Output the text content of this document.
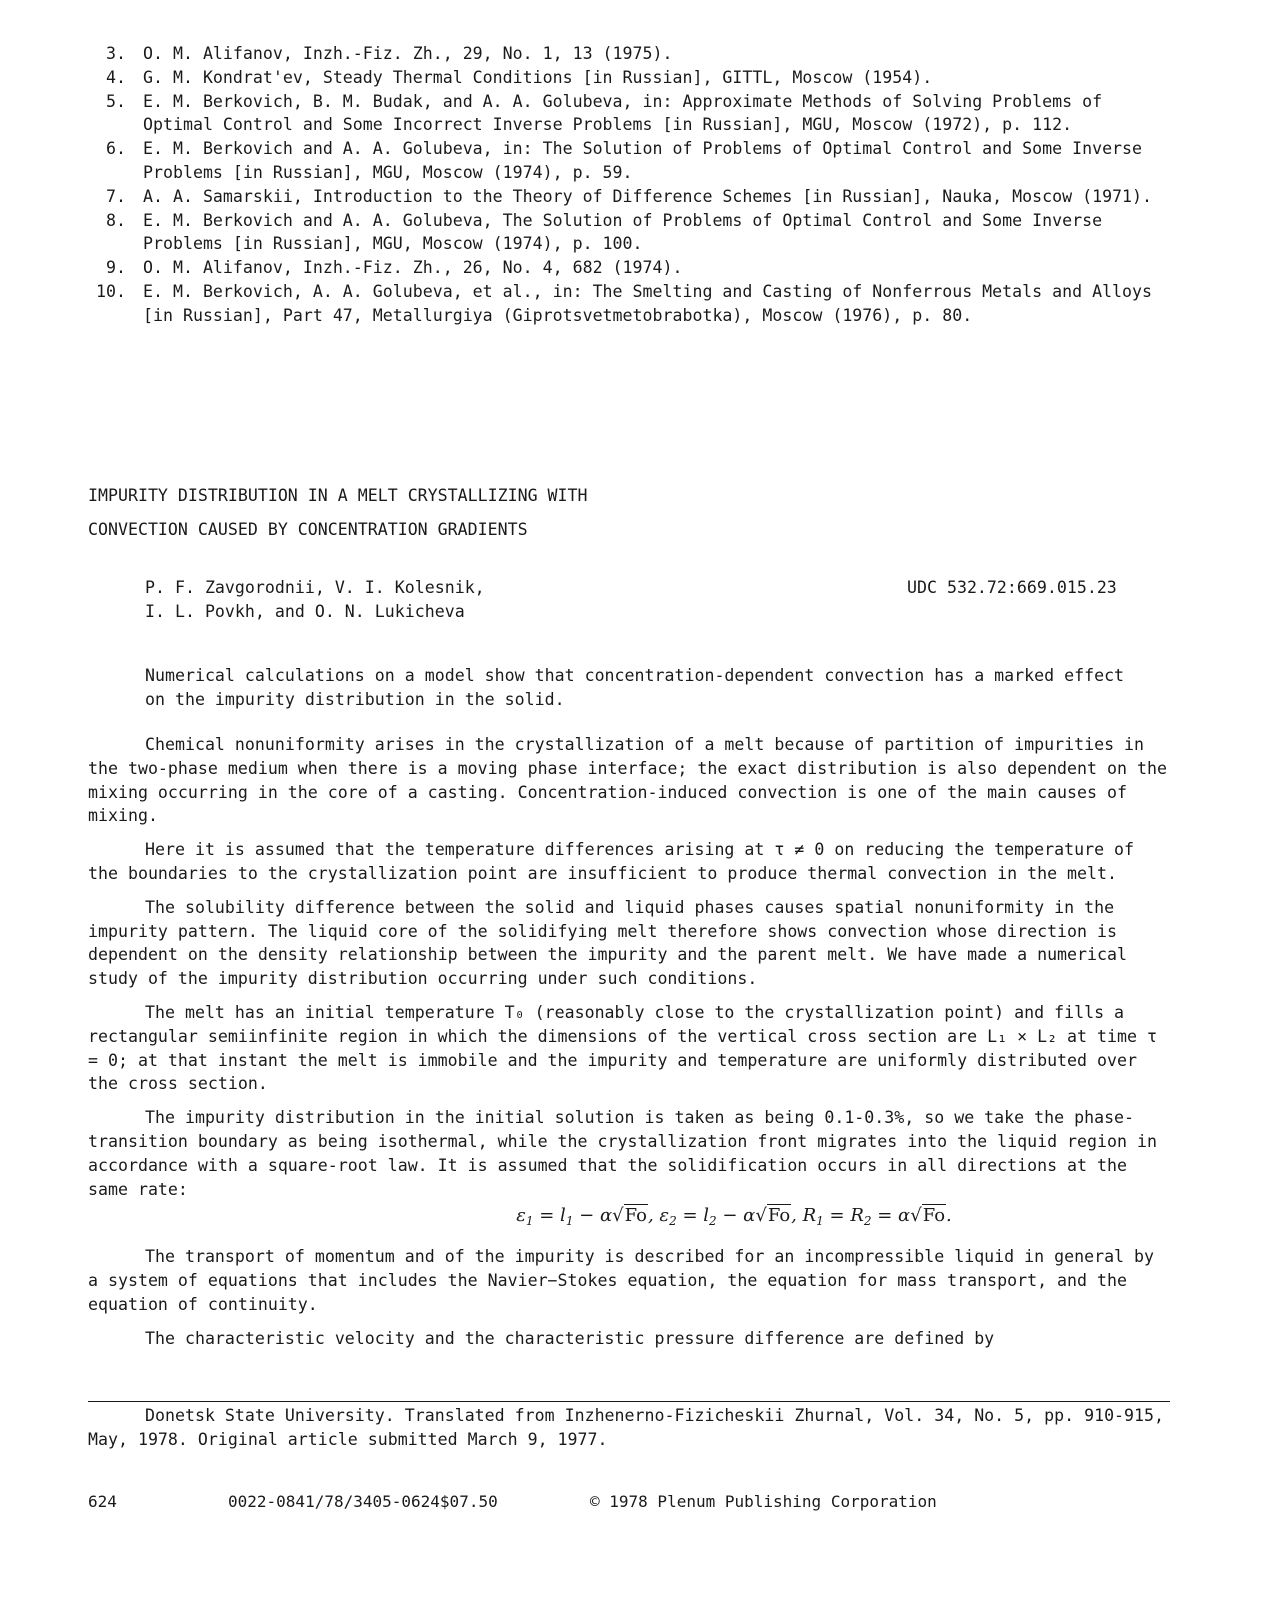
3. O. M. Alifanov, Inzh.-Fiz. Zh., 29, No. 1, 13 (1975).
4. G. M. Kondrat'ev, Steady Thermal Conditions [in Russian], GITTL, Moscow (1954).
5. E. M. Berkovich, B. M. Budak, and A. A. Golubeva, in: Approximate Methods of Solving Problems of Optimal Control and Some Incorrect Inverse Problems [in Russian], MGU, Moscow (1972), p. 112.
6. E. M. Berkovich and A. A. Golubeva, in: The Solution of Problems of Optimal Control and Some Inverse Problems [in Russian], MGU, Moscow (1974), p. 59.
7. A. A. Samarskii, Introduction to the Theory of Difference Schemes [in Russian], Nauka, Moscow (1971).
8. E. M. Berkovich and A. A. Golubeva, The Solution of Problems of Optimal Control and Some Inverse Problems [in Russian], MGU, Moscow (1974), p. 100.
9. O. M. Alifanov, Inzh.-Fiz. Zh., 26, No. 4, 682 (1974).
10. E. M. Berkovich, A. A. Golubeva, et al., in: The Smelting and Casting of Nonferrous Metals and Alloys [in Russian], Part 47, Metallurgiya (Giprotsvetmetobrabotka), Moscow (1976), p. 80.
IMPURITY DISTRIBUTION IN A MELT CRYSTALLIZING WITH
CONVECTION CAUSED BY CONCENTRATION GRADIENTS
P. F. Zavgorodnii, V. I. Kolesnik,
I. L. Povkh, and O. N. Lukicheva
UDC 532.72:669.015.23
Numerical calculations on a model show that concentration-dependent convection has a marked effect on the impurity distribution in the solid.

Chemical nonuniformity arises in the crystallization of a melt because of partition of impurities in the two-phase medium when there is a moving phase interface; the exact distribution is also dependent on the mixing occurring in the core of a casting. Concentration-induced convection is one of the main causes of mixing.

Here it is assumed that the temperature differences arising at τ ≠ 0 on reducing the temperature of the boundaries to the crystallization point are insufficient to produce thermal convection in the melt.

The solubility difference between the solid and liquid phases causes spatial nonuniformity in the impurity pattern. The liquid core of the solidifying melt therefore shows convection whose direction is dependent on the density relationship between the impurity and the parent melt. We have made a numerical study of the impurity distribution occurring under such conditions.

The melt has an initial temperature T₀ (reasonably close to the crystallization point) and fills a rectangular semiinfinite region in which the dimensions of the vertical cross section are L₁ × L₂ at time τ = 0; at that instant the melt is immobile and the impurity and temperature are uniformly distributed over the cross section.

The impurity distribution in the initial solution is taken as being 0.1-0.3%, so we take the phase-transition boundary as being isothermal, while the crystallization front migrates into the liquid region in accordance with a square-root law. It is assumed that the solidification occurs in all directions at the same rate:

$\varepsilon_1 = l_1 - \alpha√Fo$, $\varepsilon_2 = l_2 - \alpha√Fo$, $R_1 = R_2 = \alpha√Fo$.

The transport of momentum and of the impurity is described for an incompressible liquid in general by a system of equations that includes the Navier−Stokes equation, the equation for mass transport, and the equation of continuity.

The characteristic velocity and the characteristic pressure difference are defined by

Donetsk State University. Translated from Inzhenerno-Fizicheskii Zhurnal, Vol. 34, No. 5, pp. 910-915, May, 1978. Original article submitted March 9, 1977.
624	0022-0841/78/3405-0624$07.50	© 1978 Plenum Publishing Corporation
